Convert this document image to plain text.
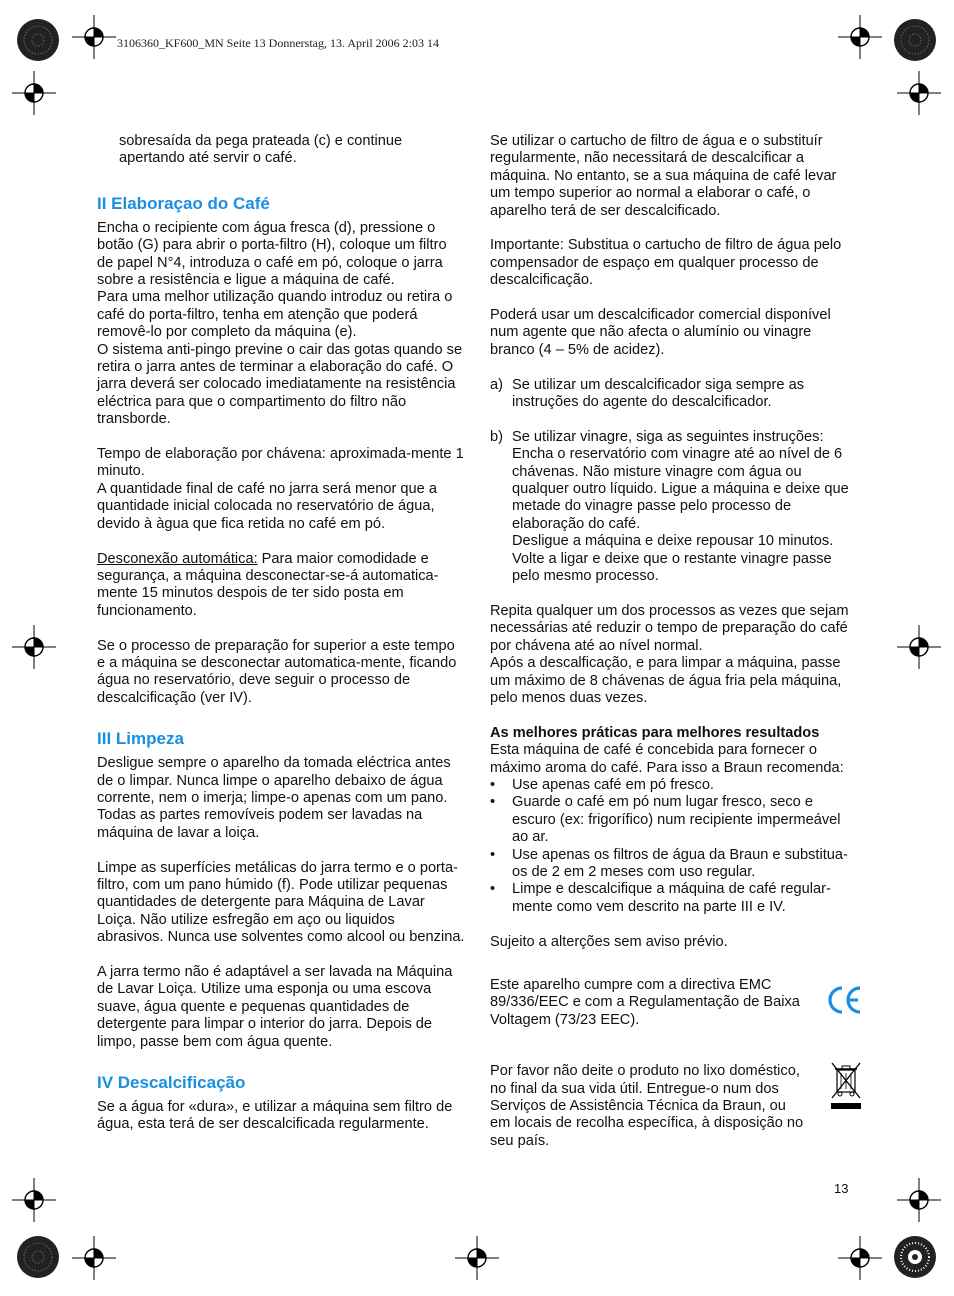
3106360_KF600_MN Seite 13 Donnerstag, 13. April 2006 2:03 14

sobresaída da pega prateada (c) e continue apertando até servir o café.

II Elaboraçao do Café

Encha o recipiente com água fresca (d), pressione o botão (G) para abrir o porta-filtro (H), coloque um filtro de papel N°4, introduza o café em pó, coloque o jarra sobre a resistência e ligue a máquina de café.

Para uma melhor utilização quando introduz ou retira o café do porta-filtro, tenha em atenção que poderá removê-lo por completo da máquina (e).

O sistema anti-pingo previne o cair das gotas quando se retira o jarra antes de terminar a elaboração do café. O jarra deverá ser colocado imediatamente na resistência eléctrica para que o compartimento do filtro não transborde.

Tempo de elaboração por chávena: aproximada-mente 1 minuto.

A quantidade final de café no jarra será menor que a quantidade inicial colocada no reservatório de água, devido à àgua que fica retida no café em pó.

Desconexão automática: Para maior comodidade e segurança, a máquina desconectar-se-á automatica-mente 15 minutos despois de ter sido posta em funcionamento.

Se o processo de preparação for superior a este tempo e a máquina se desconectar automatica-mente, ficando água no reservatório, deve seguir o processo de descalcificação (ver IV).

III Limpeza

Desligue sempre o aparelho da tomada eléctrica antes de o limpar. Nunca limpe o aparelho debaixo de água corrente, nem o imerja; limpe-o apenas com um pano. Todas as partes removíveis podem ser lavadas na máquina de lavar a loiça.

Limpe as superfícies metálicas do jarra termo e o porta-filtro, com um pano húmido (f). Pode utilizar pequenas quantidades de detergente para Máquina de Lavar Loiça. Não utilize esfregão em aço ou liquidos abrasivos. Nunca use solventes como alcool ou benzina.

A jarra termo não é adaptável a ser lavada na Máquina de Lavar Loiça. Utilize uma esponja ou uma escova suave, água quente e pequenas quantidades de detergente para limpar o interior do jarra. Depois de limpo, passe bem com água quente.

IV Descalcificação

Se a água for «dura», e utilizar a máquina sem filtro de água, esta terá de ser descalcificada regularmente.

Se utilizar o cartucho de filtro de água e o substituír regularmente, não necessitará de descalcificar a máquina. No entanto, se a sua máquina de café levar um tempo superior ao normal a elaborar o café, o aparelho terá de ser descalcificado.

Importante: Substitua o cartucho de filtro de água pelo compensador de espaço em qualquer processo de descalcificação.

Poderá usar um descalcificador comercial disponível num agente que não afecta o alumínio ou vinagre branco (4 – 5% de acidez).

a) Se utilizar um descalcificador siga sempre as instruções do agente do descalcificador.

b) Se utilizar vinagre, siga as seguintes instruções: Encha o reservatório com vinagre até ao nível de 6 chávenas. Não misture vinagre com água ou qualquer outro líquido. Ligue a máquina e deixe que metade do vinagre passe pelo processo de elaboração do café.

Desligue a máquina e deixe repousar 10 minutos. Volte a ligar e deixe que o restante vinagre passe pelo mesmo processo.

Repita qualquer um dos processos as vezes que sejam necessárias até reduzir o tempo de preparação do café por chávena até ao nível normal.

Após a descalficação, e para limpar a máquina, passe um máximo de 8 chávenas de água fria pela máquina, pelo menos duas vezes.

As melhores práticas para melhores resultados

Esta máquina de café é concebida para fornecer o máximo aroma do café. Para isso a Braun recomenda:

• Use apenas café em pó fresco.

• Guarde o café em pó num lugar fresco, seco e escuro (ex: frigorífico) num recipiente impermeável ao ar.

• Use apenas os filtros de água da Braun e substitua-os de 2 em 2 meses com uso regular.

• Limpe e descalcifique a máquina de café regular-mente como vem descrito na parte III e IV.

Sujeito a alterções sem aviso prévio.

Este aparelho cumpre com a directiva EMC 89/336/EEC e com a Regulamentação de Baixa Voltagem (73/23 EEC).

Por favor não deite o produto no lixo doméstico, no final da sua vida útil. Entregue-o num dos Serviços de Assistência Técnica da Braun, ou em locais de recolha específica, à disposição no seu país.

13
